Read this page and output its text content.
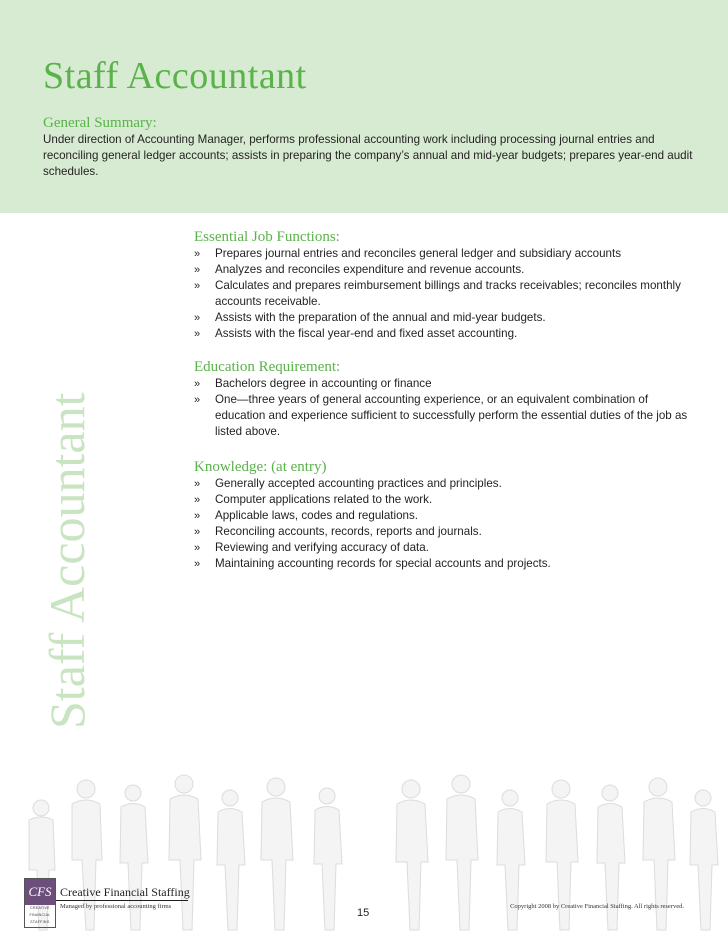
Staff Accountant
General Summary:
Under direction of Accounting Manager, performs professional accounting work including processing journal entries and reconciling general ledger accounts; assists in preparing the company’s annual and mid-year budgets; prepares year-end audit schedules.
Staff Accountant
Essential Job Functions:
» Prepares journal entries and reconciles general ledger and subsidiary accounts
» Analyzes and reconciles expenditure and revenue accounts.
» Calculates and prepares reimbursement billings and tracks receivables; reconciles monthly accounts receivable.
» Assists with the preparation of the annual and mid-year budgets.
» Assists with the fiscal year-end and fixed asset accounting.
Education Requirement:
» Bachelors degree in accounting or finance
» One—three years of general accounting experience, or an equivalent combination of education and experience sufficient to successfully perform the essential duties of the job as listed above.
Knowledge: (at entry)
» Generally accepted accounting practices and principles.
» Computer applications related to the work.
» Applicable laws, codes and regulations.
» Reconciling accounts, records, reports and journals.
» Reviewing and verifying accuracy of data.
» Maintaining accounting records for special accounts and projects.
CFS
CREATIVE
FINANCIAL
STAFFING
Creative Financial Staffing
Managed by professional accounting firms	Copyright 2008 by Creative Financial Staffing. All rights reserved.
15
